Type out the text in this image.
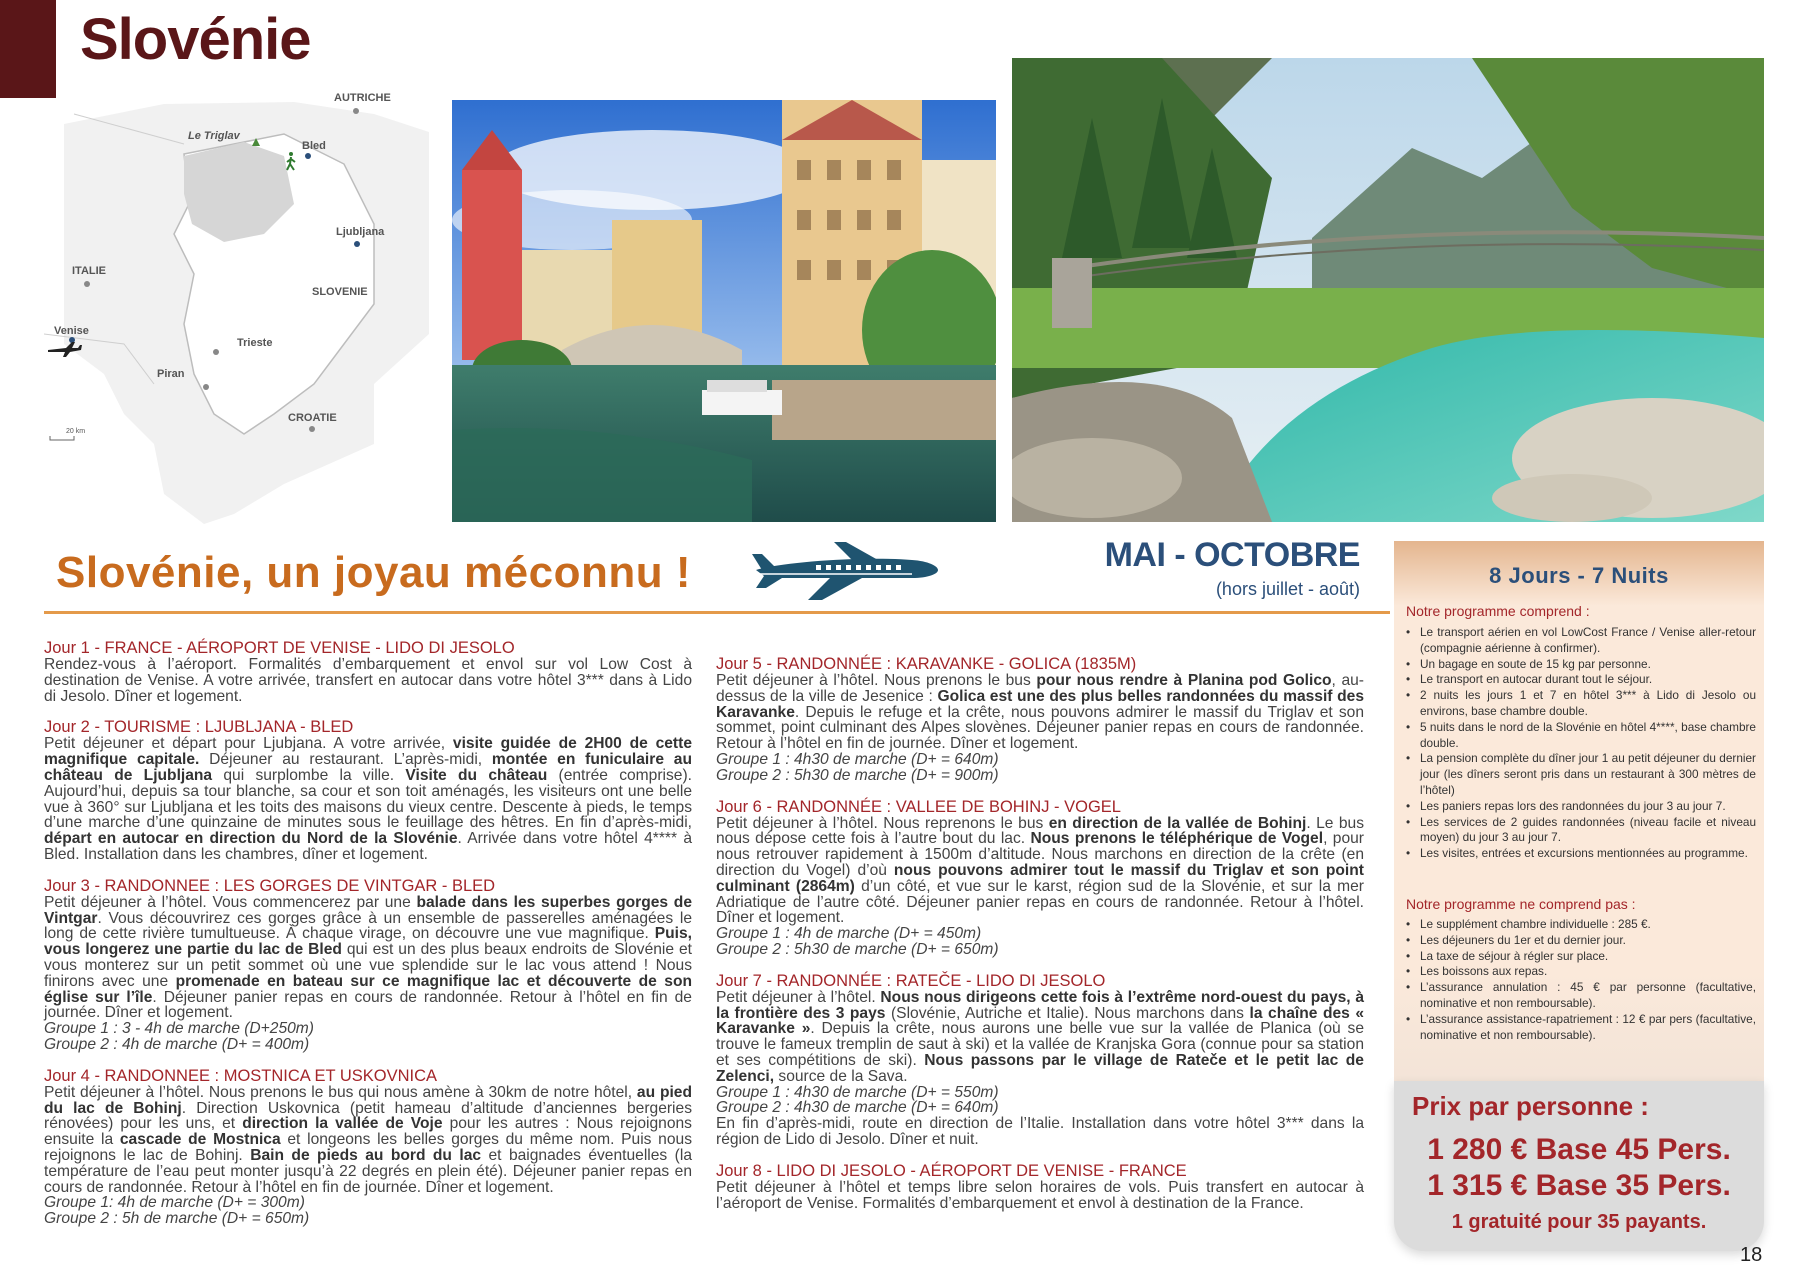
Slovénie
AUTRICHE
Le Triglav
Bled
Ljubljana
ITALIE
SLOVENIE
Venise
Trieste
Piran
CROATIE
20 km
Slovénie, un joyau méconnu !	MAI - OCTOBRE
(hors juillet - août)
Jour 1 - FRANCE - AÉROPORT DE VENISE - LIDO DI JESOLO
Rendez-vous à l’aéroport. Formalités d’embarquement et envol sur vol Low Cost à destination de Venise. A votre arrivée, transfert en autocar dans votre hôtel 3*** dans à Lido di Jesolo. Dîner et logement.
Jour 2 - TOURISME : LJUBLJANA - BLED
Petit déjeuner et départ pour Ljubjana. A votre arrivée, visite guidée de 2H00 de cette magnifique capitale. Déjeuner au restaurant. L’après-midi, montée en funiculaire au château de Ljubljana qui surplombe la ville. Visite du château (entrée comprise). Aujourd’hui, depuis sa tour blanche, sa cour et son toit aménagés, les visiteurs ont une belle vue à 360° sur Ljubljana et les toits des maisons du vieux centre. Descente à pieds, le temps d’une marche d’une quinzaine de minutes sous le feuillage des hêtres. En fin d’après-midi, départ en autocar en direction du Nord de la Slovénie. Arrivée dans votre hôtel 4**** à Bled. Installation dans les chambres, dîner et logement.
Jour 3 - RANDONNEE : LES GORGES DE VINTGAR - BLED
Petit déjeuner à l’hôtel. Vous commencerez par une balade dans les superbes gorges de Vintgar. Vous découvrirez ces gorges grâce à un ensemble de passerelles aménagées le long de cette rivière tumultueuse. À chaque virage, on découvre une vue magnifique. Puis, vous longerez une partie du lac de Bled qui est un des plus beaux endroits de Slovénie et vous monterez sur un petit sommet où une vue splendide sur le lac vous attend ! Nous finirons avec une promenade en bateau sur ce magnifique lac et découverte de son église sur l’île. Déjeuner panier repas en cours de randonnée. Retour à l’hôtel en fin de journée. Dîner et logement.
Groupe 1 : 3 - 4h de marche (D+250m)
Groupe 2 : 4h de marche (D+ = 400m)
Jour 4 - RANDONNEE : MOSTNICA ET USKOVNICA
Petit déjeuner à l’hôtel. Nous prenons le bus qui nous amène à 30km de notre hôtel, au pied du lac de Bohinj. Direction Uskovnica (petit hameau d’altitude d’anciennes bergeries rénovées) pour les uns, et direction la vallée de Voje pour les autres : Nous rejoignons ensuite la cascade de Mostnica et longeons les belles gorges du même nom. Puis nous rejoignons le lac de Bohinj. Bain de pieds au bord du lac et baignades éventuelles (la température de l’eau peut monter jusqu’à 22 degrés en plein été). Déjeuner panier repas en cours de randonnée. Retour à l’hôtel en fin de journée. Dîner et logement.
Groupe 1: 4h de marche (D+ = 300m)
Groupe 2 : 5h de marche (D+ = 650m)
Jour 5 - RANDONNÉE : KARAVANKE - GOLICA (1835M)
Petit déjeuner à l’hôtel. Nous prenons le bus pour nous rendre à Planina pod Golico, au-dessus de la ville de Jesenice : Golica est une des plus belles randonnées du massif des Karavanke. Depuis le refuge et la crête, nous pouvons admirer le massif du Triglav et son sommet, point culminant des Alpes slovènes. Déjeuner panier repas en cours de randonnée. Retour à l’hôtel en fin de journée. Dîner et logement.
Groupe 1 : 4h30 de marche (D+ = 640m)
Groupe 2 : 5h30 de marche (D+ = 900m)
Jour 6 - RANDONNÉE : VALLEE DE BOHINJ - VOGEL
Petit déjeuner à l’hôtel. Nous reprenons le bus en direction de la vallée de Bohinj. Le bus nous dépose cette fois à l’autre bout du lac. Nous prenons le téléphérique de Vogel, pour nous retrouver rapidement à 1500m d’altitude. Nous marchons en direction de la crête (en direction du Vogel) d’où nous pouvons admirer tout le massif du Triglav et son point culminant (2864m) d’un côté, et vue sur le karst, région sud de la Slovénie, et sur la mer Adriatique de l’autre côté. Déjeuner panier repas en cours de randonnée. Retour à l’hôtel. Dîner et logement.
Groupe 1 : 4h de marche (D+ = 450m)
Groupe 2 : 5h30 de marche (D+ = 650m)
Jour 7 - RANDONNÉE : RATEČE - LIDO DI JESOLO
Petit déjeuner à l’hôtel. Nous nous dirigeons cette fois à l’extrême nord-ouest du pays, à la frontière des 3 pays (Slovénie, Autriche et Italie). Nous marchons dans la chaîne des « Karavanke ». Depuis la crête, nous aurons une belle vue sur la vallée de Planica (où se trouve le fameux tremplin de saut à ski) et la vallée de Kranjska Gora (connue pour sa station et ses compétitions de ski). Nous passons par le village de Rateče et le petit lac de Zelenci, source de la Sava.
Groupe 1 : 4h30 de marche (D+ = 550m)
Groupe 2 : 4h30 de marche (D+ = 640m)
En fin d’après-midi, route en direction de l’Italie. Installation dans votre hôtel 3*** dans la région de Lido di Jesolo. Dîner et nuit.
Jour 8 - LIDO DI JESOLO - AÉROPORT DE VENISE - FRANCE
Petit déjeuner à l’hôtel et temps libre selon horaires de vols. Puis transfert en autocar à l’aéroport de Venise. Formalités d’embarquement et envol à destination de la France.
8 Jours - 7 Nuits
Notre programme comprend :
• Le transport aérien en vol LowCost France / Venise aller-retour (compagnie aérienne à confirmer).
• Un bagage en soute de 15 kg par personne.
• Le transport en autocar durant tout le séjour.
• 2 nuits les jours 1 et 7 en hôtel 3*** à Lido di Jesolo ou environs, base chambre double.
• 5 nuits dans le nord de la Slovénie en hôtel 4****, base chambre double.
• La pension complète du dîner jour 1 au petit déjeuner du dernier jour (les dîners seront pris dans un restaurant à 300 mètres de l’hôtel)
• Les paniers repas lors des randonnées du jour 3 au jour 7.
• Les services de 2 guides randonnées (niveau facile et niveau moyen) du jour 3 au jour 7.
• Les visites, entrées et excursions mentionnées au programme.
Notre programme ne comprend pas :
• Le supplément chambre individuelle : 285 €.
• Les déjeuners du 1er et du dernier jour.
• La taxe de séjour à régler sur place.
• Les boissons aux repas.
• L’assurance annulation : 45 € par personne (facultative, nominative et non remboursable).
• L’assurance assistance-rapatriement : 12 € par pers (facultative, nominative et non remboursable).
Prix par personne :
1 280 € Base 45 Pers.
1 315 € Base 35 Pers.
1 gratuité pour 35 payants.
18
